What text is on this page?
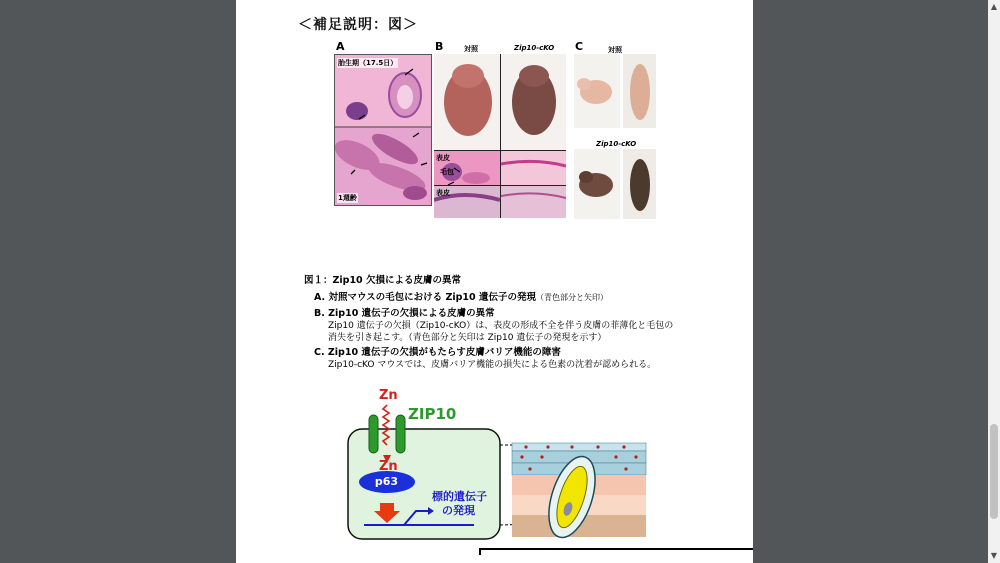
＜補足説明：図＞
A
胎生期（17.5日）
1週齢
B	対照	Zip10-cKO
表皮
毛包
表皮
C	対照
Zip10-cKO
図１：Zip10 欠損による皮膚の異常
A. 対照マウスの毛包における Zip10 遺伝子の発現（青色部分と矢印）
B. Zip10 遺伝子の欠損による皮膚の異常
Zip10 遺伝子の欠損（Zip10-cKO）は、表皮の形成不全を伴う皮膚の菲薄化と毛包の
消失を引き起こす。（青色部分と矢印は Zip10 遺伝子の発現を示す）
C. Zip10 遺伝子の欠損がもたらす皮膚バリア機能の障害
Zip10-cKO マウスでは、皮膚バリア機能の損失による色素の沈着が認められる。
Zn
ZIP10
Zn
p63
標的遺伝子
の発現
▲
▼
